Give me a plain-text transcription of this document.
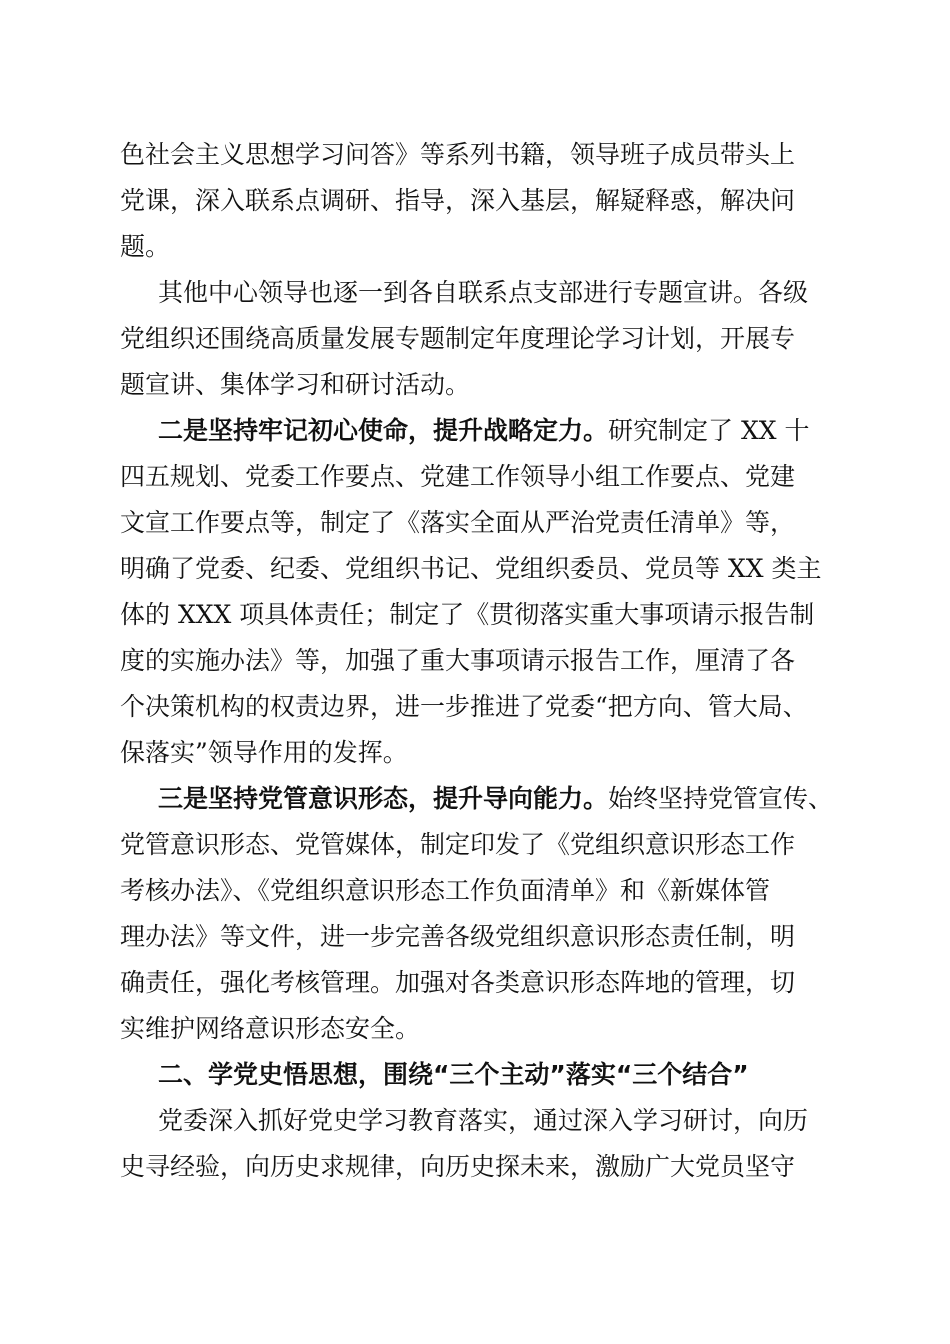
色社会主义思想学习问答》等系列书籍，领导班子成员带头上
党课，深入联系点调研、指导，深入基层，解疑释惑，解决问
题。
其他中心领导也逐一到各自联系点支部进行专题宣讲。各级
党组织还围绕高质量发展专题制定年度理论学习计划，开展专
题宣讲、集体学习和研讨活动。
二是坚持牢记初心使命，提升战略定力。研究制定了 XX 十
四五规划、党委工作要点、党建工作领导小组工作要点、党建
文宣工作要点等，制定了《落实全面从严治党责任清单》等，
明确了党委、纪委、党组织书记、党组织委员、党员等 XX 类主
体的 XXX 项具体责任；制定了《贯彻落实重大事项请示报告制
度的实施办法》等，加强了重大事项请示报告工作，厘清了各
个决策机构的权责边界，进一步推进了党委“把方向、管大局、
保落实”领导作用的发挥。
三是坚持党管意识形态，提升导向能力。始终坚持党管宣传、
党管意识形态、党管媒体，制定印发了《党组织意识形态工作
考核办法》、《党组织意识形态工作负面清单》和《新媒体管
理办法》等文件，进一步完善各级党组织意识形态责任制，明
确责任，强化考核管理。加强对各类意识形态阵地的管理，切
实维护网络意识形态安全。
二、学党史悟思想，围绕“三个主动”落实“三个结合”
党委深入抓好党史学习教育落实，通过深入学习研讨，向历
史寻经验，向历史求规律，向历史探未来，激励广大党员坚守
